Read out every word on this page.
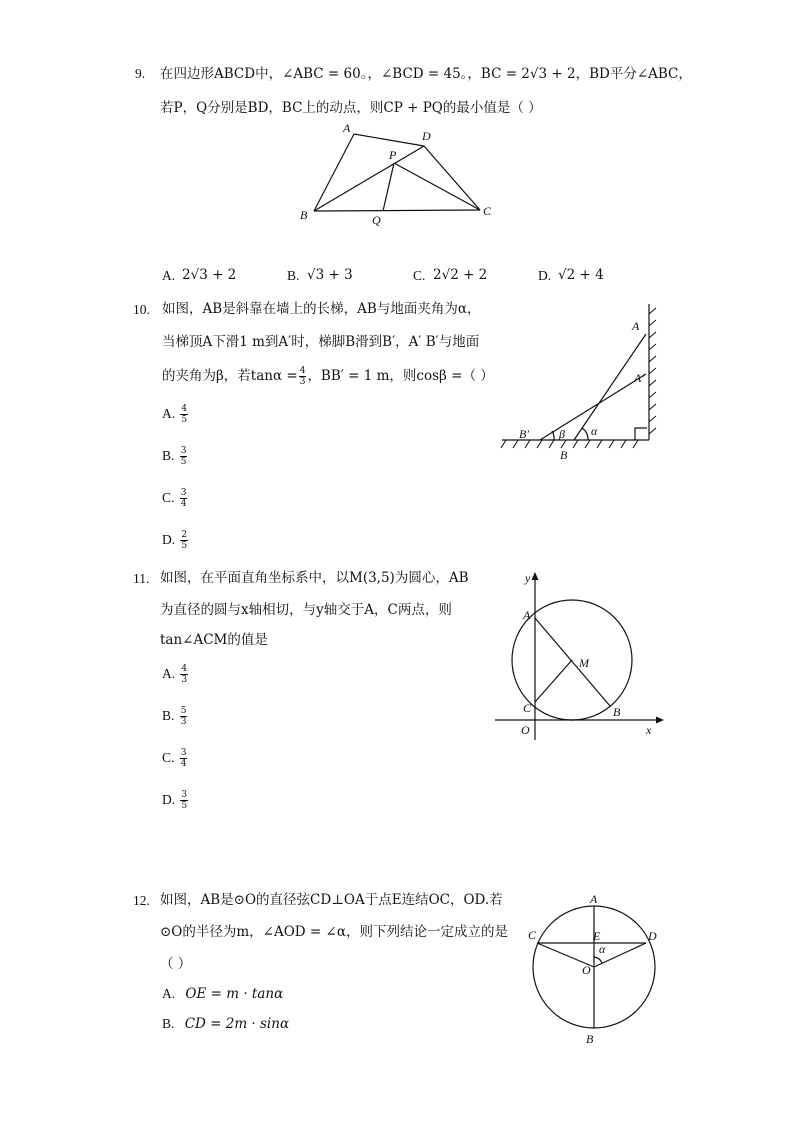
9. 在四边形ABCD中，∠ABC = 60。，∠BCD = 45。，BC = 2√3 + 2，BD平分∠ABC，
若P，Q分别是BD，BC上的动点，则CP + PQ的最小值是（ ）
A
D
P
B	Q
C
A. 2√3 + 2	B. √3 + 3	C. 2√2 + 2	D. √2 + 4
10. 如图，AB是斜靠在墙上的长梯，AB与地面夹角为α，
当梯顶A下滑1 m到A′时，梯脚B滑到B′，A′ B′与地面
的夹角为β，若$\tan\alpha = \frac{4}{3}$ ，BB′ = 1 m，则cosβ =（ ）
A. $\frac{4}{5}$
B. $\frac{3}{5}$
C. $\frac{3}{4}$
D. $\frac{2}{5}$
A
A′
B′	β α
B
11. 如图，在平面直角坐标系中，以M(3,5)为圆心，AB
为直径的圆与x轴相切，与y轴交于A，C两点，则
tan∠ACM的值是
A. $\frac{4}{3}$
B. $\frac{5}{3}$
C. $\frac{3}{4}$
D. $\frac{3}{5}$
y
A
M
C	B
O	x
12. 如图，AB是⊙O的直径弦CD⊥OA于点E连结OC，OD.若
⊙O的半径为m，∠AOD = ∠α，则下列结论一定成立的是
（ ）
A. OE = m · tanα
B. CD = 2m · sinα
A
C	E	D
α
O
B
